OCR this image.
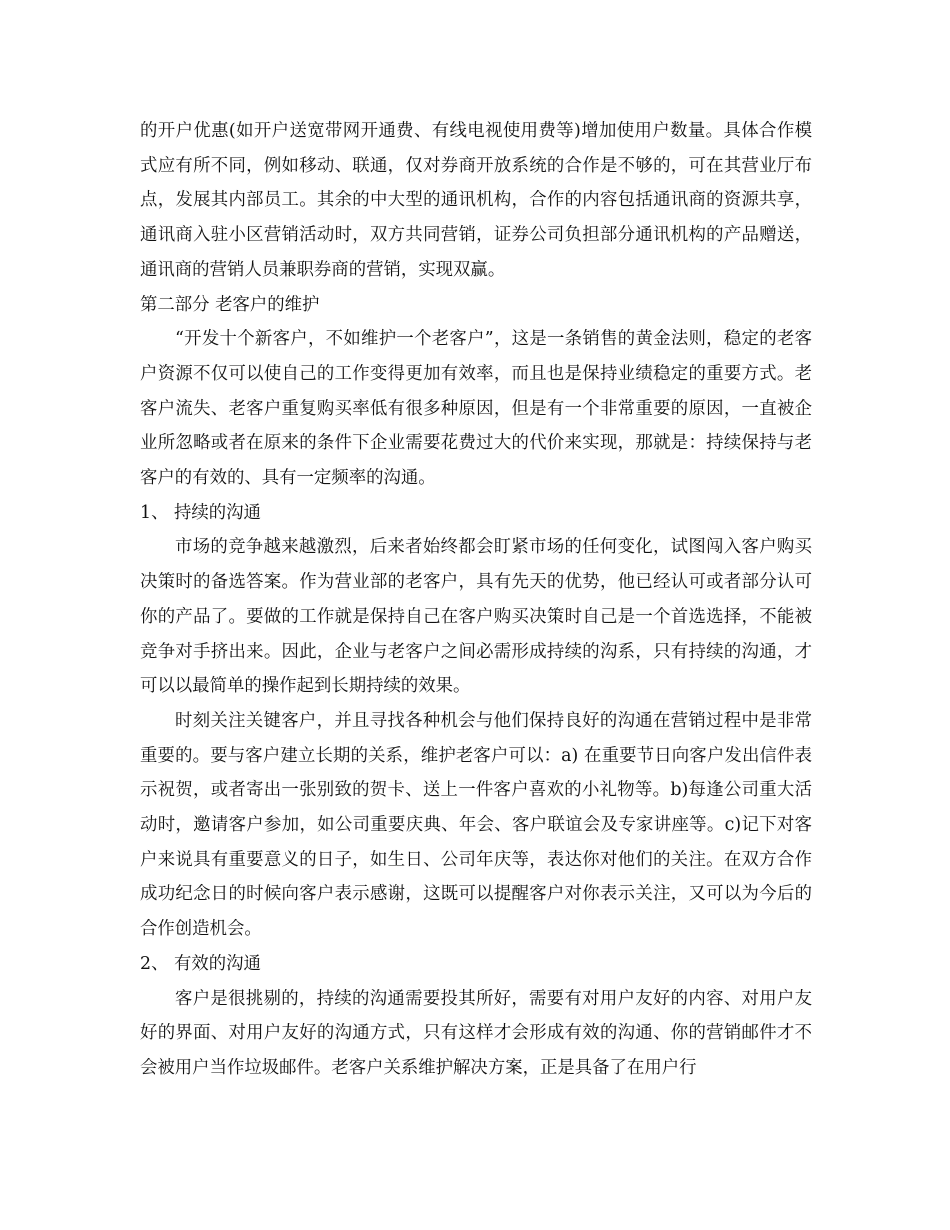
的开户优惠(如开户送宽带网开通费、有线电视使用费等)增加使用户数量。具体合作模式应有所不同，例如移动、联通，仅对券商开放系统的合作是不够的，可在其营业厅布点，发展其内部员工。其余的中大型的通讯机构，合作的内容包括通讯商的资源共享，通讯商入驻小区营销活动时，双方共同营销，证券公司负担部分通讯机构的产品赠送，通讯商的营销人员兼职券商的营销，实现双赢。

第二部分 老客户的维护

“开发十个新客户，不如维护一个老客户”，这是一条销售的黄金法则，稳定的老客户资源不仅可以使自己的工作变得更加有效率，而且也是保持业绩稳定的重要方式。老客户流失、老客户重复购买率低有很多种原因，但是有一个非常重要的原因，一直被企业所忽略或者在原来的条件下企业需要花费过大的代价来实现，那就是：持续保持与老客户的有效的、具有一定频率的沟通。

1、 持续的沟通

市场的竞争越来越激烈，后来者始终都会盯紧市场的任何变化，试图闯入客户购买决策时的备选答案。作为营业部的老客户，具有先天的优势，他已经认可或者部分认可你的产品了。要做的工作就是保持自己在客户购买决策时自己是一个首选选择，不能被竞争对手挤出来。因此，企业与老客户之间必需形成持续的沟系，只有持续的沟通，才可以以最简单的操作起到长期持续的效果。

时刻关注关键客户，并且寻找各种机会与他们保持良好的沟通在营销过程中是非常重要的。要与客户建立长期的关系，维护老客户可以：a) 在重要节日向客户发出信件表示祝贺，或者寄出一张别致的贺卡、送上一件客户喜欢的小礼物等。b)每逢公司重大活动时，邀请客户参加，如公司重要庆典、年会、客户联谊会及专家讲座等。c)记下对客户来说具有重要意义的日子，如生日、公司年庆等，表达你对他们的关注。在双方合作成功纪念日的时候向客户表示感谢，这既可以提醒客户对你表示关注，又可以为今后的合作创造机会。

2、 有效的沟通

客户是很挑剔的，持续的沟通需要投其所好，需要有对用户友好的内容、对用户友好的界面、对用户友好的沟通方式，只有这样才会形成有效的沟通、你的营销邮件才不会被用户当作垃圾邮件。老客户关系维护解决方案，正是具备了在用户行
